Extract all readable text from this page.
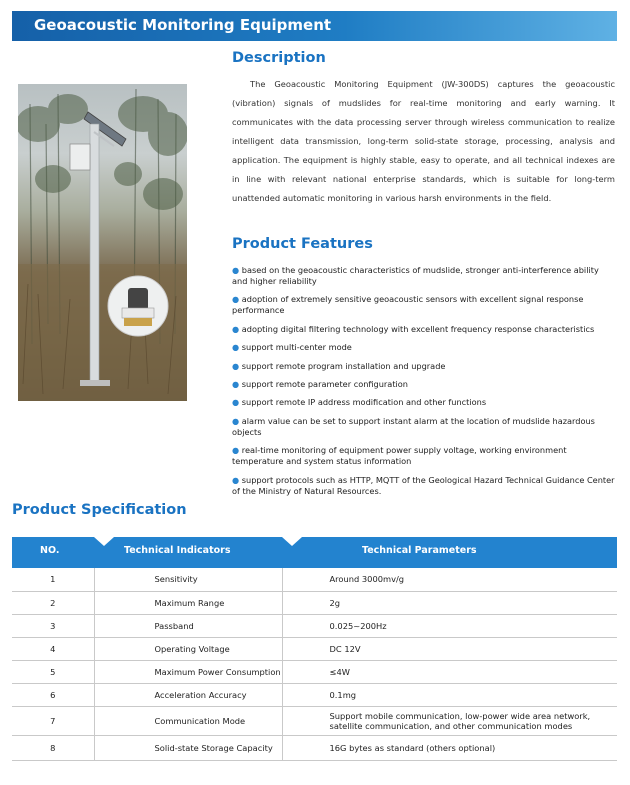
Geoacoustic Monitoring Equipment
Description

The Geoacoustic Monitoring Equipment (JW-300DS) captures the geoacoustic (vibration) signals of mudslides for real-time monitoring and early warning. It communicates with the data processing server through wireless communication to realize intelligent data transmission, long-term solid-state storage, processing, analysis and application. The equipment is highly stable, easy to operate, and all technical indexes are in line with relevant national enterprise standards, which is suitable for long-term unattended automatic monitoring in various harsh environments in the field.

Product Features
● based on the geoacoustic characteristics of mudslide, stronger anti-interference ability and higher reliability
● adoption of extremely sensitive geoacoustic sensors with excellent signal response performance
● adopting digital filtering technology with excellent frequency response characteristics
● support multi-center mode
● support remote program installation and upgrade
● support remote parameter configuration
● support remote IP address modification and other functions
● alarm value can be set to support instant alarm at the location of mudslide hazardous objects
● real-time monitoring of equipment power supply voltage, working environment temperature and system status information
● support protocols such as HTTP, MQTT of the Geological Hazard Technical Guidance Center of the Ministry of Natural Resources.
Product Specification
NO.	Technical Indicators	Technical Parameters
1	Sensitivity	Around 3000mv/g
2	Maximum Range	2g
3	Passband	0.025~200Hz
4	Operating Voltage	DC 12V
5	Maximum Power Consumption	≤4W
6	Acceleration Accuracy	0.1mg
7	Communication Mode	Support mobile communication, low-power wide area network, satellite communication, and other communication modes
8	Solid-state Storage Capacity	16G bytes as standard (others optional)
